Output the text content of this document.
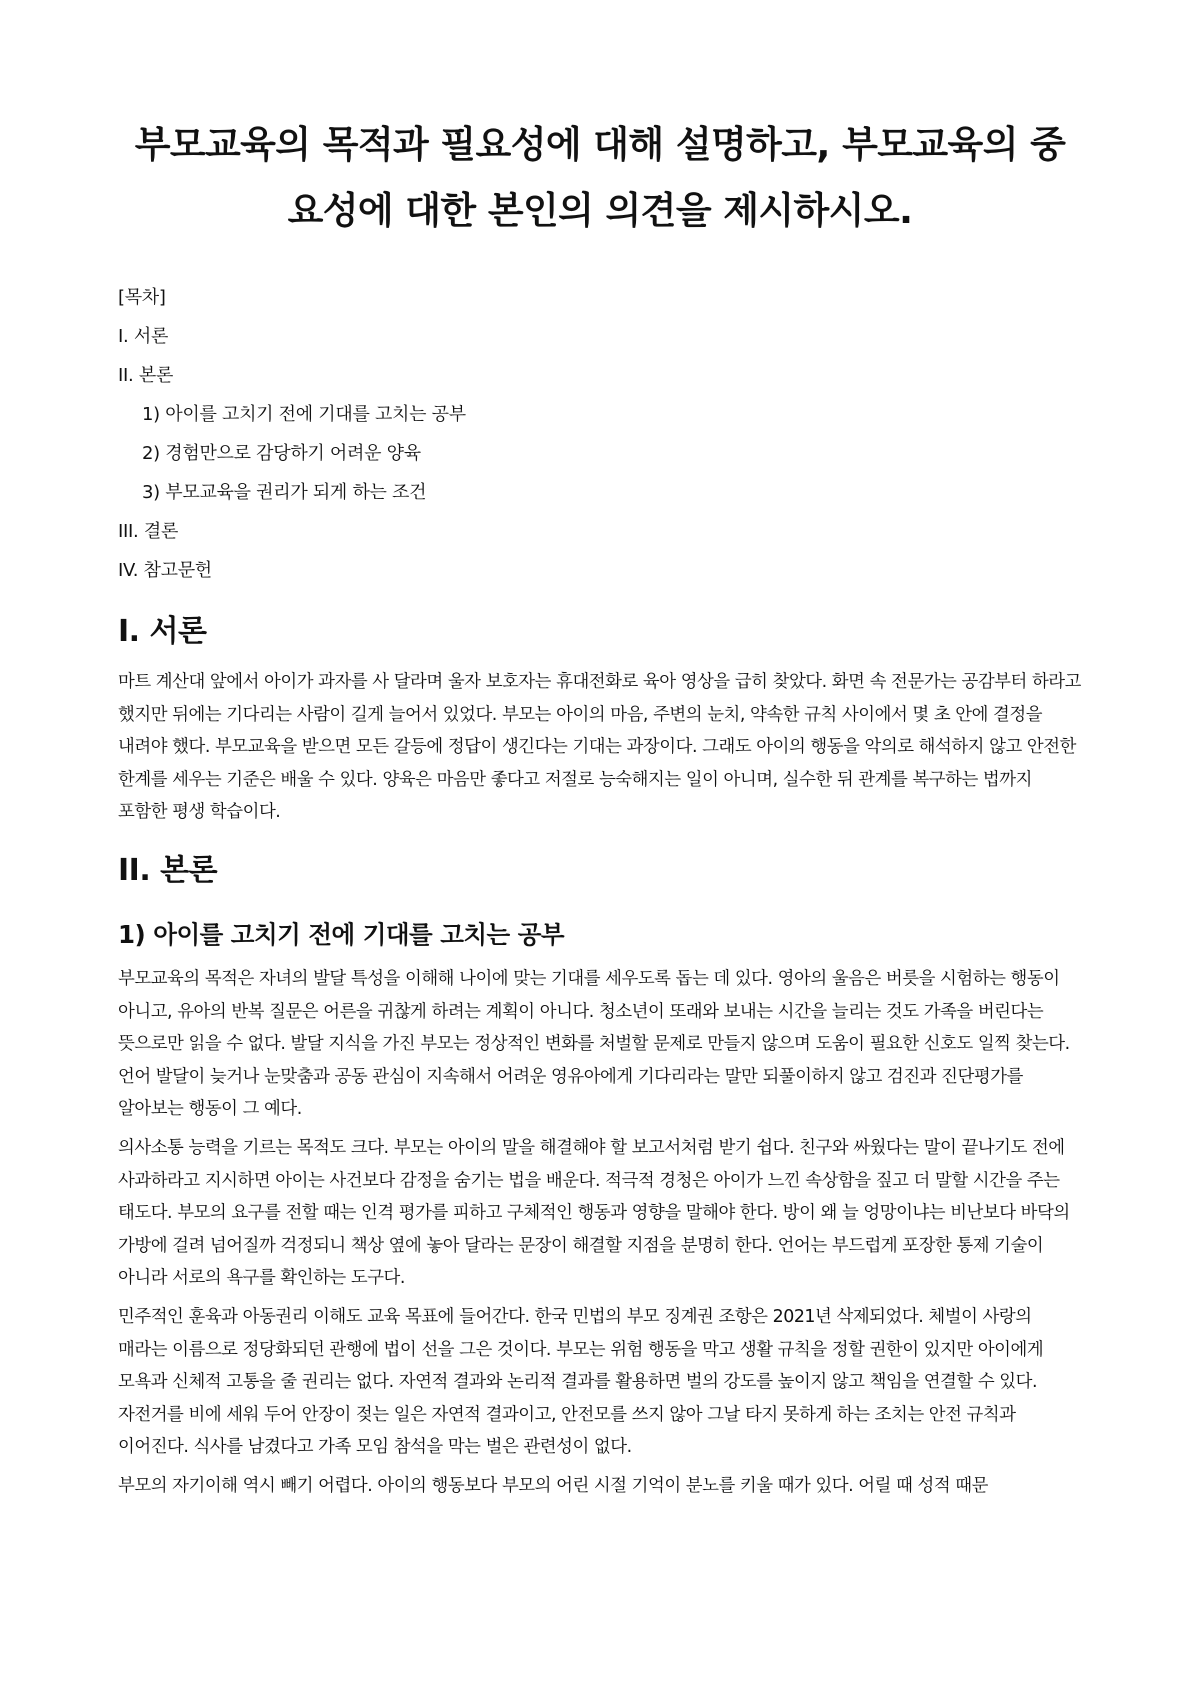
부모교육의 목적과 필요성에 대해 설명하고, 부모교육의 중요성에 대한 본인의 의견을 제시하시오.
[목차]
I. 서론
II. 본론
1) 아이를 고치기 전에 기대를 고치는 공부
2) 경험만으로 감당하기 어려운 양육
3) 부모교육을 권리가 되게 하는 조건
III. 결론
IV. 참고문헌
I. 서론

마트 계산대 앞에서 아이가 과자를 사 달라며 울자 보호자는 휴대전화로 육아 영상을 급히 찾았다. 화면 속 전문가는 공감부터 하라고 했지만 뒤에는 기다리는 사람이 길게 늘어서 있었다. 부모는 아이의 마음, 주변의 눈치, 약속한 규칙 사이에서 몇 초 안에 결정을 내려야 했다. 부모교육을 받으면 모든 갈등에 정답이 생긴다는 기대는 과장이다. 그래도 아이의 행동을 악의로 해석하지 않고 안전한 한계를 세우는 기준은 배울 수 있다. 양육은 마음만 좋다고 저절로 능숙해지는 일이 아니며, 실수한 뒤 관계를 복구하는 법까지 포함한 평생 학습이다.

II. 본론
1) 아이를 고치기 전에 기대를 고치는 공부

부모교육의 목적은 자녀의 발달 특성을 이해해 나이에 맞는 기대를 세우도록 돕는 데 있다. 영아의 울음은 버릇을 시험하는 행동이 아니고, 유아의 반복 질문은 어른을 귀찮게 하려는 계획이 아니다. 청소년이 또래와 보내는 시간을 늘리는 것도 가족을 버린다는 뜻으로만 읽을 수 없다. 발달 지식을 가진 부모는 정상적인 변화를 처벌할 문제로 만들지 않으며 도움이 필요한 신호도 일찍 찾는다. 언어 발달이 늦거나 눈맞춤과 공동 관심이 지속해서 어려운 영유아에게 기다리라는 말만 되풀이하지 않고 검진과 진단평가를 알아보는 행동이 그 예다.

의사소통 능력을 기르는 목적도 크다. 부모는 아이의 말을 해결해야 할 보고서처럼 받기 쉽다. 친구와 싸웠다는 말이 끝나기도 전에 사과하라고 지시하면 아이는 사건보다 감정을 숨기는 법을 배운다. 적극적 경청은 아이가 느낀 속상함을 짚고 더 말할 시간을 주는 태도다. 부모의 요구를 전할 때는 인격 평가를 피하고 구체적인 행동과 영향을 말해야 한다. 방이 왜 늘 엉망이냐는 비난보다 바닥의 가방에 걸려 넘어질까 걱정되니 책상 옆에 놓아 달라는 문장이 해결할 지점을 분명히 한다. 언어는 부드럽게 포장한 통제 기술이 아니라 서로의 욕구를 확인하는 도구다.

민주적인 훈육과 아동권리 이해도 교육 목표에 들어간다. 한국 민법의 부모 징계권 조항은 2021년 삭제되었다. 체벌이 사랑의 매라는 이름으로 정당화되던 관행에 법이 선을 그은 것이다. 부모는 위험 행동을 막고 생활 규칙을 정할 권한이 있지만 아이에게 모욕과 신체적 고통을 줄 권리는 없다. 자연적 결과와 논리적 결과를 활용하면 벌의 강도를 높이지 않고 책임을 연결할 수 있다. 자전거를 비에 세워 두어 안장이 젖는 일은 자연적 결과이고, 안전모를 쓰지 않아 그날 타지 못하게 하는 조치는 안전 규칙과 이어진다. 식사를 남겼다고 가족 모임 참석을 막는 벌은 관련성이 없다.

부모의 자기이해 역시 빼기 어렵다. 아이의 행동보다 부모의 어린 시절 기억이 분노를 키울 때가 있다. 어릴 때 성적 때문
